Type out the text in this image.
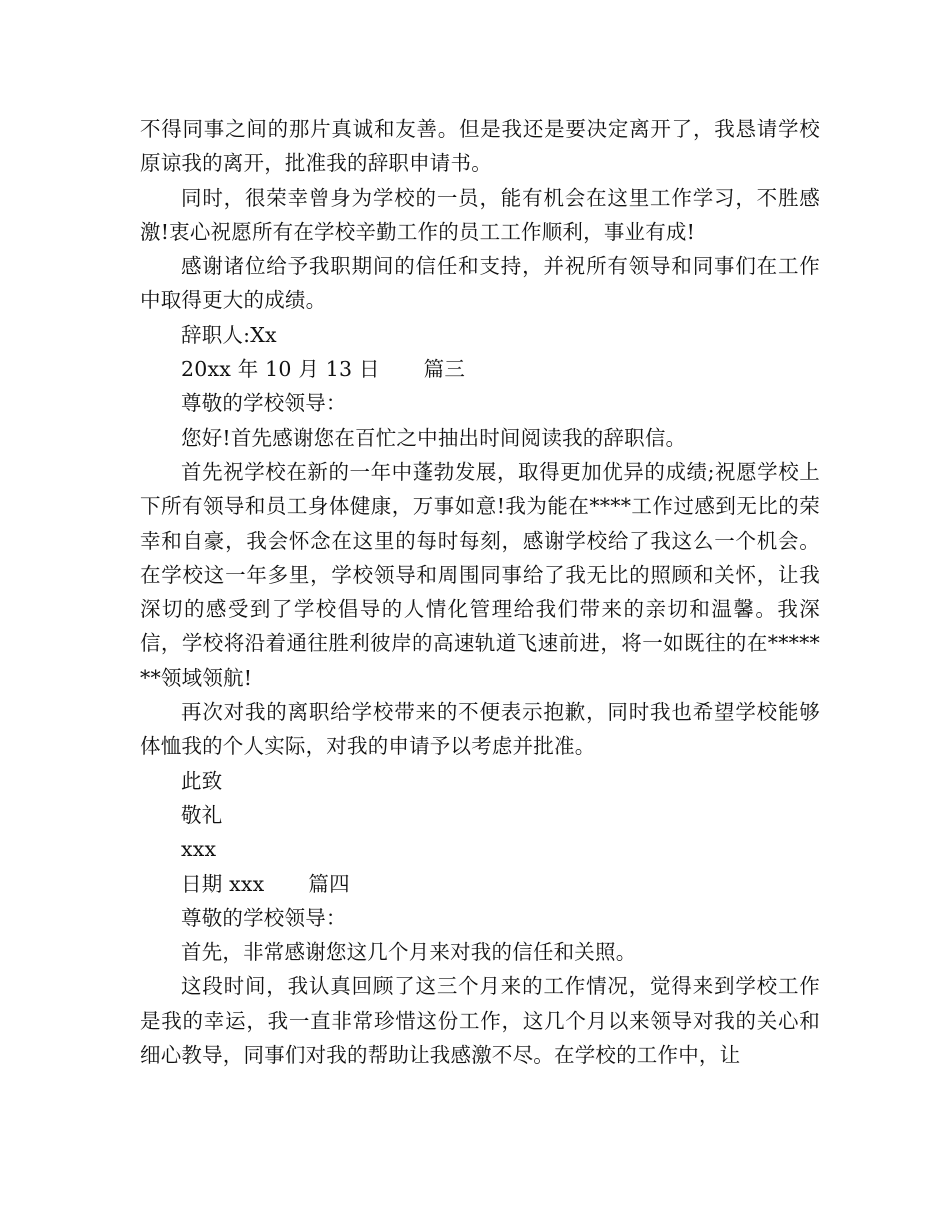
不得同事之间的那片真诚和友善。但是我还是要决定离开了，我恳请学校原谅我的离开，批准我的辞职申请书。

同时，很荣幸曾身为学校的一员，能有机会在这里工作学习，不胜感激!衷心祝愿所有在学校辛勤工作的员工工作顺利，事业有成!

感谢诸位给予我职期间的信任和支持，并祝所有领导和同事们在工作中取得更大的成绩。

辞职人:Xx

20xx 年 10 月 13 日 篇三

尊敬的学校领导：

您好!首先感谢您在百忙之中抽出时间阅读我的辞职信。

首先祝学校在新的一年中蓬勃发展，取得更加优异的成绩;祝愿学校上下所有领导和员工身体健康，万事如意!我为能在****工作过感到无比的荣幸和自豪，我会怀念在这里的每时每刻，感谢学校给了我这么一个机会。在学校这一年多里，学校领导和周围同事给了我无比的照顾和关怀，让我深切的感受到了学校倡导的人情化管理给我们带来的亲切和温馨。我深信，学校将沿着通往胜利彼岸的高速轨道飞速前进，将一如既往的在*******领域领航!

再次对我的离职给学校带来的不便表示抱歉，同时我也希望学校能够体恤我的个人实际，对我的申请予以考虑并批准。

此致

敬礼

xxx

日期 xxx 篇四

尊敬的学校领导：

首先，非常感谢您这几个月来对我的信任和关照。

这段时间，我认真回顾了这三个月来的工作情况，觉得来到学校工作是我的幸运，我一直非常珍惜这份工作，这几个月以来领导对我的关心和细心教导，同事们对我的帮助让我感激不尽。在学校的工作中，让
